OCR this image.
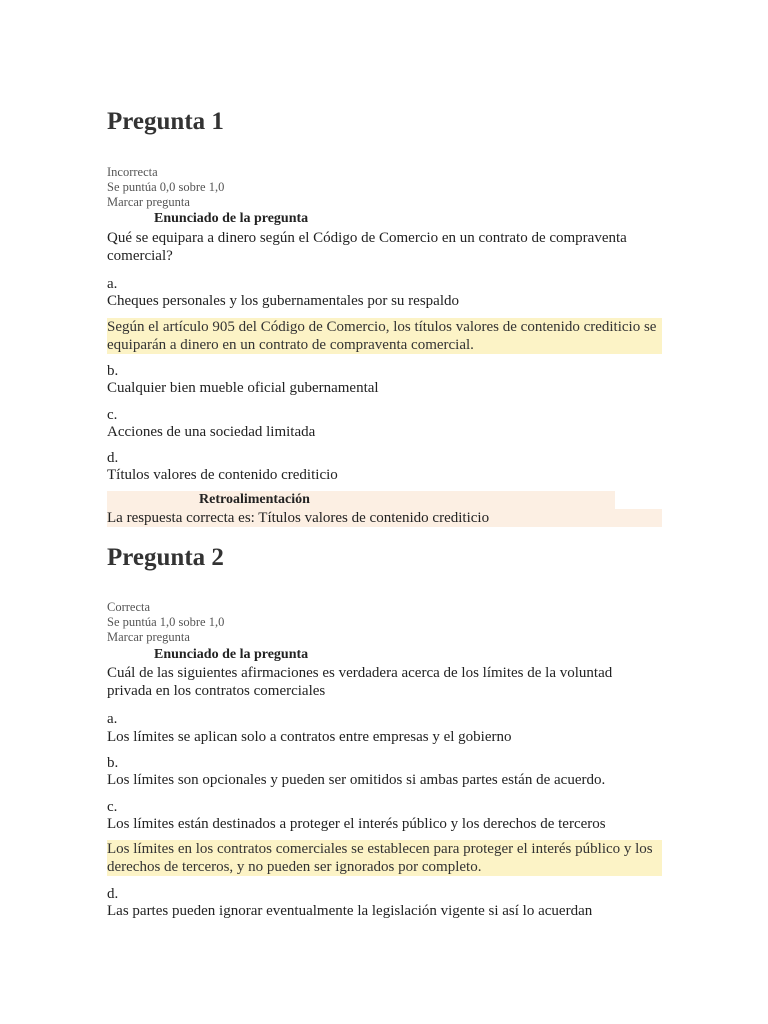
Pregunta 1
Incorrecta
Se puntúa 0,0 sobre 1,0
Marcar pregunta
Enunciado de la pregunta
Qué se equipara a dinero según el Código de Comercio en un contrato de compraventa comercial?
a.
Cheques personales y los gubernamentales por su respaldo
Según el artículo 905 del Código de Comercio, los títulos valores de contenido crediticio se equiparán a dinero en un contrato de compraventa comercial.
b.
Cualquier bien mueble oficial gubernamental
c.
Acciones de una sociedad limitada
d.
Títulos valores de contenido crediticio
Retroalimentación
La respuesta correcta es: Títulos valores de contenido crediticio
Pregunta 2
Correcta
Se puntúa 1,0 sobre 1,0
Marcar pregunta
Enunciado de la pregunta
Cuál de las siguientes afirmaciones es verdadera acerca de los límites de la voluntad privada en los contratos comerciales
a.
Los límites se aplican solo a contratos entre empresas y el gobierno
b.
Los límites son opcionales y pueden ser omitidos si ambas partes están de acuerdo.
c.
Los límites están destinados a proteger el interés público y los derechos de terceros
Los límites en los contratos comerciales se establecen para proteger el interés público y los derechos de terceros, y no pueden ser ignorados por completo.
d.
Las partes pueden ignorar eventualmente la legislación vigente si así lo acuerdan
